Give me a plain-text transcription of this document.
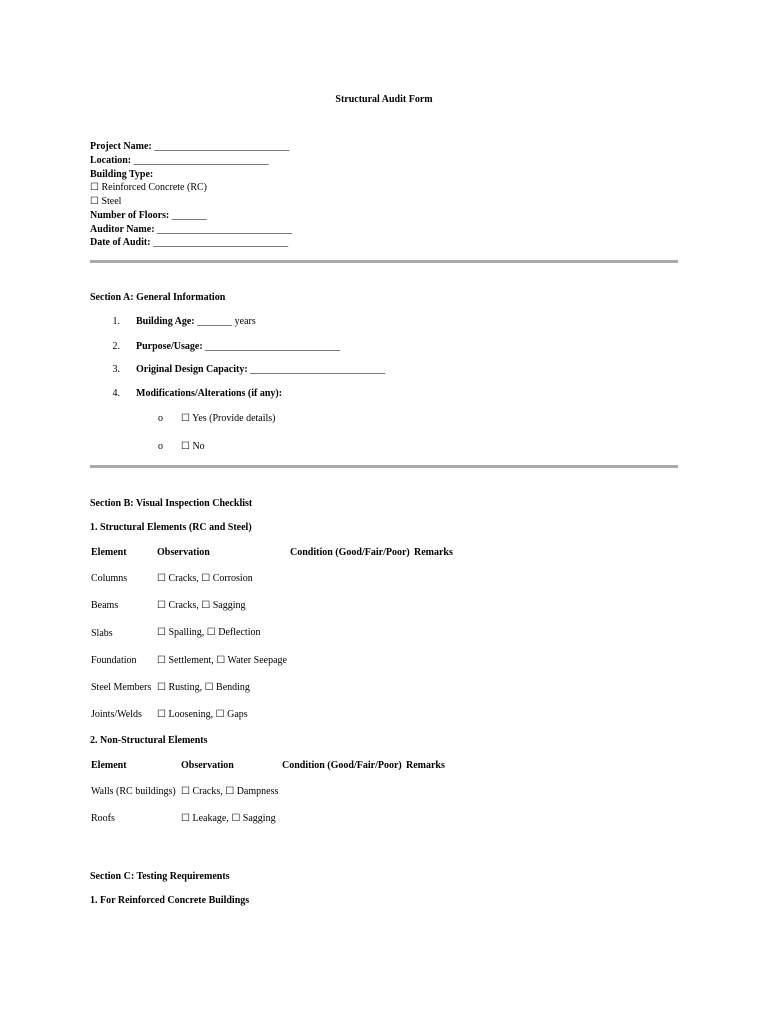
Structural Audit Form
Project Name: ___________________________
Location: ___________________________
Building Type:
☐ Reinforced Concrete (RC)
☐ Steel
Number of Floors: _______
Auditor Name: ___________________________
Date of Audit: ___________________________
Section A: General Information
1. Building Age: _______ years
2. Purpose/Usage: ___________________________
3. Original Design Capacity: ___________________________
4. Modifications/Alterations (if any):
o ☐ Yes (Provide details)
o ☐ No
Section B: Visual Inspection Checklist
1. Structural Elements (RC and Steel)
Element	Observation	Condition (Good/Fair/Poor) Remarks
Columns	☐ Cracks, ☐ Corrosion
Beams	☐ Cracks, ☐ Sagging
Slabs	☐ Spalling, ☐ Deflection
Foundation ☐ Settlement, ☐ Water Seepage
Steel Members ☐ Rusting, ☐ Bending
Joints/Welds ☐ Loosening, ☐ Gaps
2. Non-Structural Elements
Element	Observation	Condition (Good/Fair/Poor) Remarks
Walls (RC buildings) ☐ Cracks, ☐ Dampness
Roofs	☐ Leakage, ☐ Sagging
Section C: Testing Requirements
1. For Reinforced Concrete Buildings
